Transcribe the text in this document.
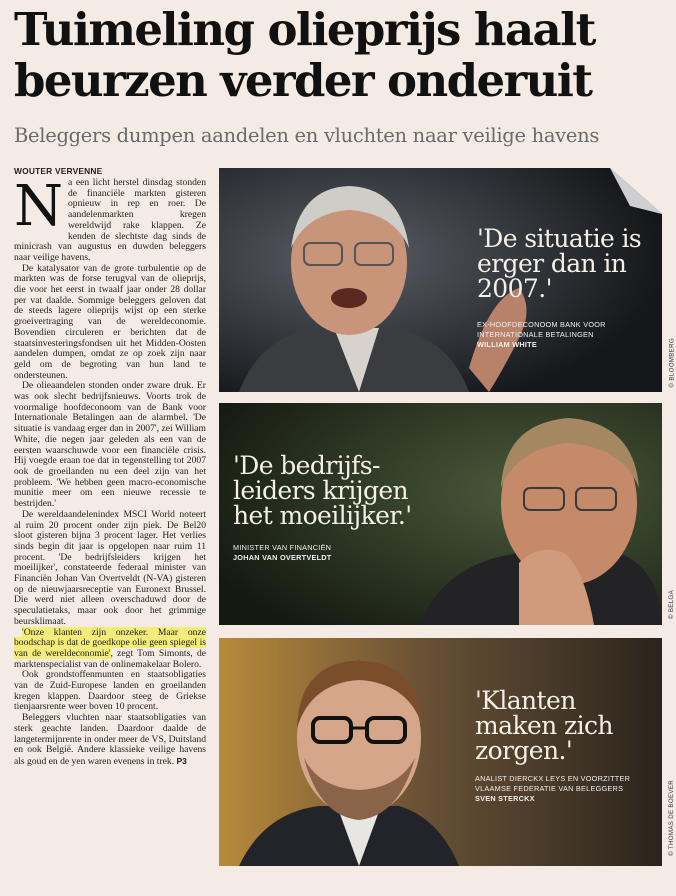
Tuimeling olieprijs haalt beurzen verder onderuit

Beleggers dumpen aandelen en vluchten naar veilige havens

WOUTER VERVENNE

Na een licht herstel dinsdag stonden de financiële markten gisteren opnieuw in rep en roer. De aandelenmarkten kregen wereldwijd rake klappen. Ze kenden de slechtste dag sinds de minicrash van augustus en duwden beleggers naar veilige havens.

De katalysator van de grote turbulentie op de markten was de forse terugval van de olieprijs, die voor het eerst in twaalf jaar onder 28 dollar per vat daalde. Sommige beleggers geloven dat de steeds lagere olieprijs wijst op een sterke groeivertraging van de wereldeconomie. Bovendien circuleren er berichten dat de staatsinvesteringsfondsen uit het Midden-Oosten aandelen dumpen, omdat ze op zoek zijn naar geld om de begroting van hun land te ondersteunen.

De olieaandelen stonden onder zware druk. Er was ook slecht bedrijfsnieuws. Voorts trok de voormalige hoofdeconoom van de Bank voor Internationale Betalingen aan de alarmbel. 'De situatie is vandaag erger dan in 2007', zei William White, die negen jaar geleden als een van de eersten waarschuwde voor een financiële crisis. Hij voegde eraan toe dat in tegenstelling tot 2007 ook de groeilanden nu een deel zijn van het probleem. 'We hebben geen macro-economische munitie meer om een nieuwe recessie te bestrijden.'

De wereldaandelenindex MSCI World noteert al ruim 20 procent onder zijn piek. De Bel20 sloot gisteren bijna 3 procent lager. Het verlies sinds begin dit jaar is opgelopen naar ruim 11 procent. 'De bedrijfsleiders krijgen het moeilijker', constateerde federaal minister van Financiën Johan Van Overtveldt (N-VA) gisteren op de nieuwjaarsreceptie van Euronext Brussel. Die werd niet alleen overschaduwd door de speculatietaks, maar ook door het grimmige beursklimaat.

'Onze klanten zijn onzeker. Maar onze boodschap is dat de goedkope olie geen spiegel is van de wereldeconomie', zegt Tom Simonts, de marktenspecialist van de onlinemakelaar Bolero.

Ook grondstoffenmunten en staatsobligaties van de Zuid-Europese landen en groeilanden kregen klappen. Daardoor steeg de Griekse tienjaarsrente weer boven 10 procent.

Beleggers vluchten naar staatsobligaties van sterk geachte landen. Daardoor daalde de langetermijnrente in onder meer de VS, Duitsland en ook België. Andere klassieke veilige havens als goud en de yen waren evenens in trek. P3

'De situatie is erger dan in 2007.'

EX-HOOFDECONOOM BANK VOOR INTERNATIONALE BETALINGEN
WILLIAM WHITE	© BLOOMBERG

'De bedrijfsleiders krijgen het moeilijker.'

MINISTER VAN FINANCIËN
JOHAN VAN OVERTVELDT
© BELGA

'Klanten maken zich zorgen.'

ANALIST DIERCKX LEYS EN VOORZITTER VLAAMSE FEDERATIE VAN BELEGGERS
SVEN STERCKX	© THOMAS DE BOEVER
